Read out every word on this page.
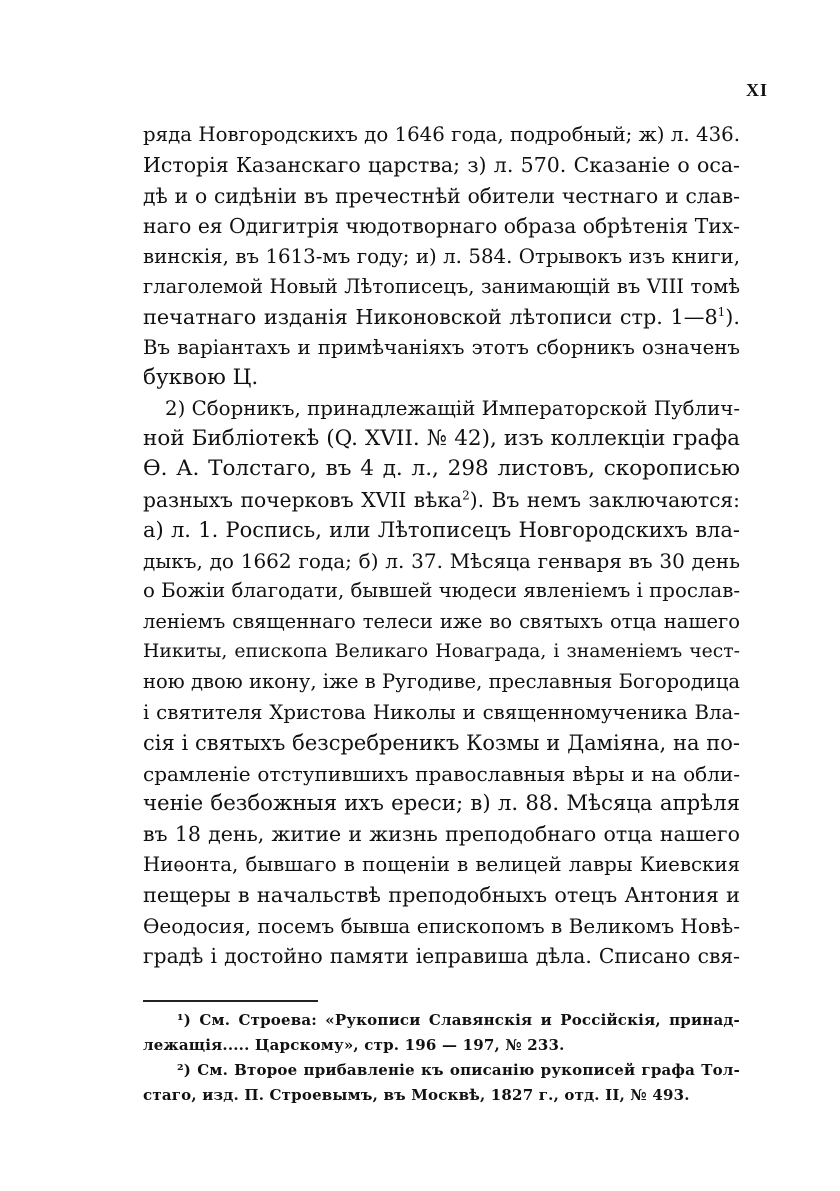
XI
ряда Новгородскихъ до 1646 года, подробный; ж) л. 436.
Исторія Казанскаго царства; з) л. 570. Сказаніе о оса-
дѣ и о сидѣніи въ пречестнѣй обители честнаго и слав-
наго ея Одигитрія чюдотворнаго образа обрѣтенія Тих-
винскія, въ 1613-мъ году; и) л. 584. Отрывокъ изъ книги,
глаголемой Новый Лѣтописецъ, занимающій въ VIII томѣ
печатнаго изданія Никоновской лѣтописи стр. $1—8^1$).
Въ варіантахъ и примѣчаніяхъ этотъ сборникъ означенъ
буквою Ц.
2) Сборникъ, принадлежащій Императорской Публич-
ной Библіотекѣ (Q. XVII. № 42), изъ коллекціи графа
Ѳ. А. Толстаго, въ 4 д. л., 298 листовъ, скорописью
разныхъ почерковъ XVII вѣка$^2$). Въ немъ заключаются:
а) л. 1. Роспись, или Лѣтописецъ Новгородскихъ вла-
дыкъ, до 1662 года; б) л. 37. Мѣсяца генваря въ 30 день
о Божіи благодати, бывшей чюдеси явленіемъ і прослав-
леніемъ священнаго телеси иже во святыхъ отца нашего
Никиты, епископа Великаго Новаграда, і знаменіемъ чест-
ною двою икону, іже в Ругодиве, преславныя Богородица
і святителя Христова Николы и священномученика Вла-
сія і святыхъ безсребреникъ Козмы и Даміяна, на по-
срамленіе отступившихъ православныя вѣры и на обли-
ченіе безбожныя ихъ ереси; в) л. 88. Мѣсяца апрѣля
въ 18 день, житие и жизнь преподобнаго отца нашего
Ниѳонта, бывшаго в пощеніи в велицей лавры Киевския
пещеры в начальствѣ преподобныхъ отецъ Антония и
Ѳеодосия, посемъ бывша епископомъ в Великомъ Новѣ-
градѣ і достойно памяти іеправиша дѣла. Списано свя-
¹) См. Строева: «Рукописи Славянскія и Россійскія, принад-
лежащія..... Царскому», стр. 196 — 197, № 233.
²) См. Второе прибавленіе къ описанію рукописей графа Тол-
стаго, изд. П. Строевымъ, въ Москвѣ, 1827 г., отд. II, № 493.
